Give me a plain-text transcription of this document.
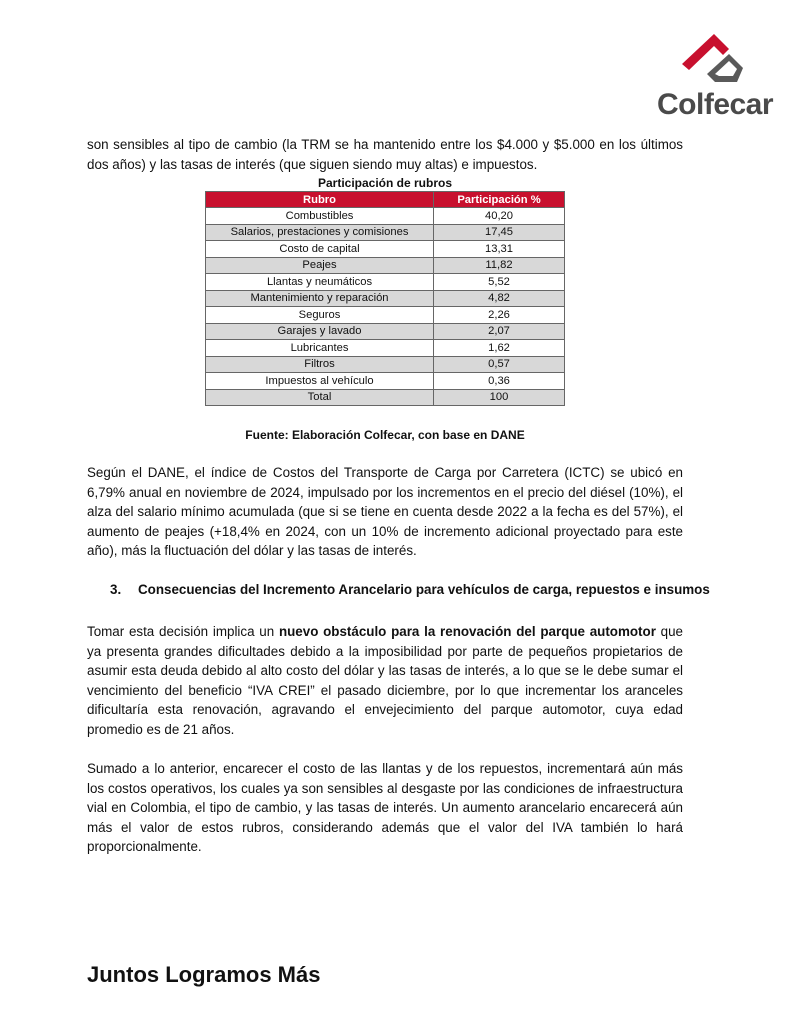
Colfecar
son sensibles al tipo de cambio (la TRM se ha mantenido entre los $4.000 y $5.000 en los últimos dos años) y las tasas de interés (que siguen siendo muy altas) e impuestos.
Participación de rubros
Rubro	Participación %
Combustibles	40,20
Salarios, prestaciones y comisiones	17,45
Costo de capital	13,31
Peajes	11,82
Llantas y neumáticos	5,52
Mantenimiento y reparación	4,82
Seguros	2,26
Garajes y lavado	2,07
Lubricantes	1,62
Filtros	0,57
Impuestos al vehículo	0,36
Total	100
Fuente: Elaboración Colfecar, con base en DANE
Según el DANE, el índice de Costos del Transporte de Carga por Carretera (ICTC) se ubicó en 6,79% anual en noviembre de 2024, impulsado por los incrementos en el precio del diésel (10%), el alza del salario mínimo acumulada (que si se tiene en cuenta desde 2022 a la fecha es del 57%), el aumento de peajes (+18,4% en 2024, con un 10% de incremento adicional proyectado para este año), más la fluctuación del dólar y las tasas de interés.
3. Consecuencias del Incremento Arancelario para vehículos de carga, repuestos e insumos
Tomar esta decisión implica un nuevo obstáculo para la renovación del parque automotor que ya presenta grandes dificultades debido a la imposibilidad por parte de pequeños propietarios de asumir esta deuda debido al alto costo del dólar y las tasas de interés, a lo que se le debe sumar el vencimiento del beneficio “IVA CREI” el pasado diciembre, por lo que incrementar los aranceles dificultaría esta renovación, agravando el envejecimiento del parque automotor, cuya edad promedio es de 21 años.
Sumado a lo anterior, encarecer el costo de las llantas y de los repuestos, incrementará aún más los costos operativos, los cuales ya son sensibles al desgaste por las condiciones de infraestructura vial en Colombia, el tipo de cambio, y las tasas de interés. Un aumento arancelario encarecerá aún más el valor de estos rubros, considerando además que el valor del IVA también lo hará proporcionalmente.
Juntos Logramos Más
